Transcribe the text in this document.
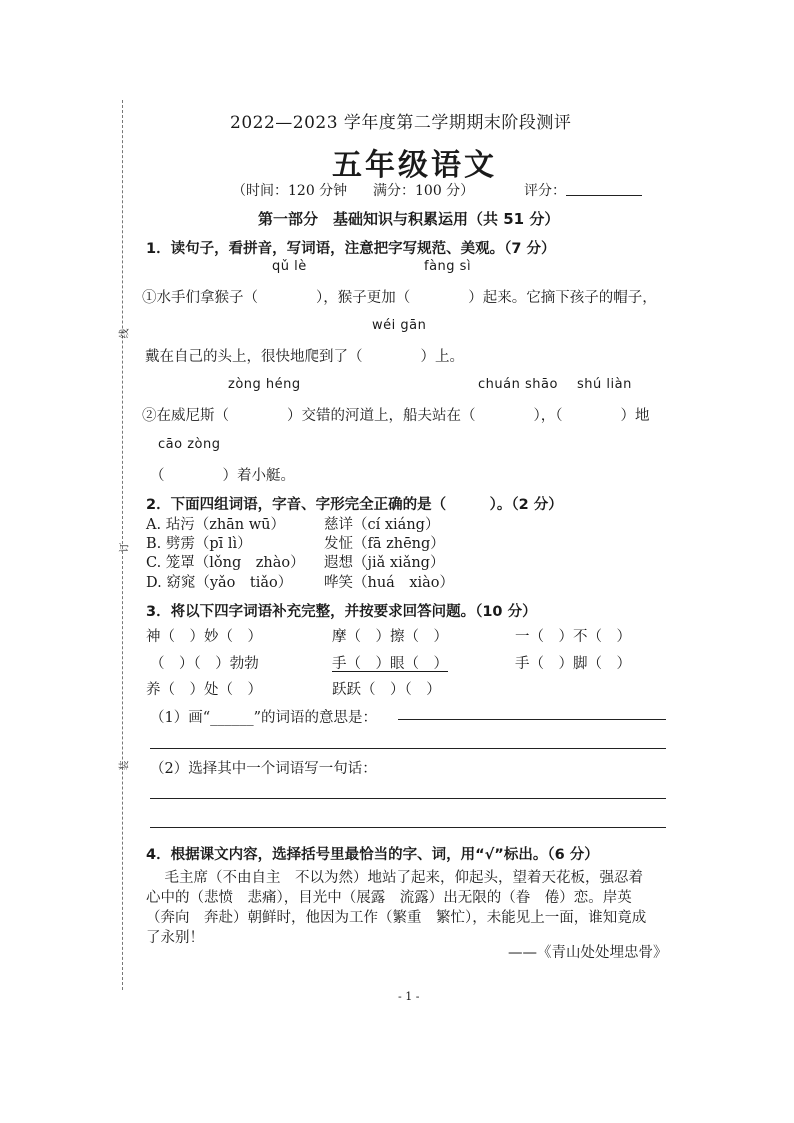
线
订
装
2022—2023 学年度第二学期期末阶段测评
五年级语文
（时间：120 分钟 满分：100 分）	评分：
第一部分　基础知识与积累运用（共 51 分）
1．读句子，看拼音，写词语，注意把字写规范、美观。（7 分）
qǔ lè	fàng sì
①水手们拿猴子（　　　　），猴子更加（　　　　）起来。它摘下孩子的帽子，
wéi gān
戴在自己的头上，很快地爬到了（　　　　）上。
zòng héng	chuán shāo shú liàn
②在威尼斯（　　　　）交错的河道上，船夫站在（　　　　），（　　　　）地
cāo zòng
（　　　　）着小艇。
2．下面四组词语，字音、字形完全正确的是（　　　）。（2 分）
A. 玷污（zhān wū）	慈详（cí xiáng）
B. 劈雳（pī lì）	发怔（fā zhēng）
C. 笼罩（lǒng　zhào） 遐想（jiǎ xiǎng）
D. 窈窕（yǎo　tiǎo） 哗笑（huá　xiào）
3．将以下四字词语补充完整，并按要求回答问题。（10 分）
神（　）妙（　）	摩（　）擦（　）	一（　）不（　）
（　）（　）勃勃	手（　）眼（　）	手（　）脚（　）
养（　）处（　）	跃跃（　）（　）
（1）画“______”的词语的意思是：
（2）选择其中一个词语写一句话：
4．根据课文内容，选择括号里最恰当的字、词，用“√”标出。（6 分）
　毛主席（不由自主　不以为然）地站了起来，仰起头，望着天花板，强忍着
心中的（悲愤　悲痛），目光中（展露　流露）出无限的（眷　倦）恋。岸英
（奔向　奔赴）朝鲜时，他因为工作（繁重　繁忙），未能见上一面，谁知竟成
了永别！
——《青山处处埋忠骨》
- 1 -
